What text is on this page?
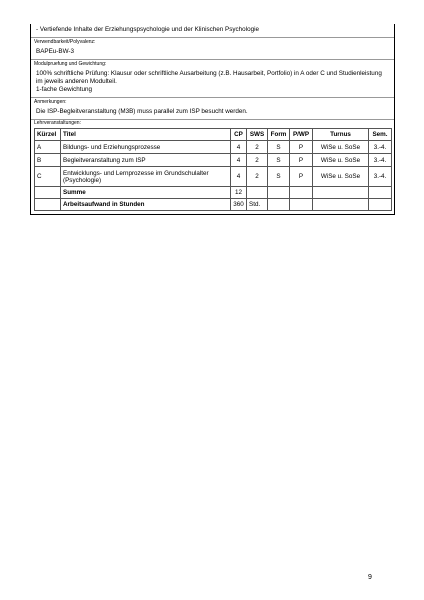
- Vertiefende Inhalte der Erziehungspsychologie und der Klinischen Psychologie
Verwendbarkeit/Polyvalenz:
BAPEu-BW-3
Modulpruefung und Gewichtung:
100% schriftliche Prüfung: Klausur oder schriftliche Ausarbeitung (z.B. Hausarbeit, Portfolio) in A oder C und Studienleistung
im jeweils anderen Modulteil.
1-fache Gewichtung
Anmerkungen:
Die ISP-Begleitveranstaltung (M3B) muss parallel zum ISP besucht werden.
Lehrveranstaltungen:
Kürzel	Titel	CP	SWS	Form	P/WP	Turnus	Sem.
A	Bildungs- und Erziehungsprozesse	4	2	S	P	WiSe u. SoSe	3.-4.
B	Begleitveranstaltung zum ISP	4	2	S	P	WiSe u. SoSe	3.-4.
C	Entwicklungs- und Lernprozesse im Grundschulalter (Psychologie)	4	2	S	P	WiSe u. SoSe	3.-4.
	Summe	12					
	Arbeitsaufwand in Stunden	360	Std.				
9
